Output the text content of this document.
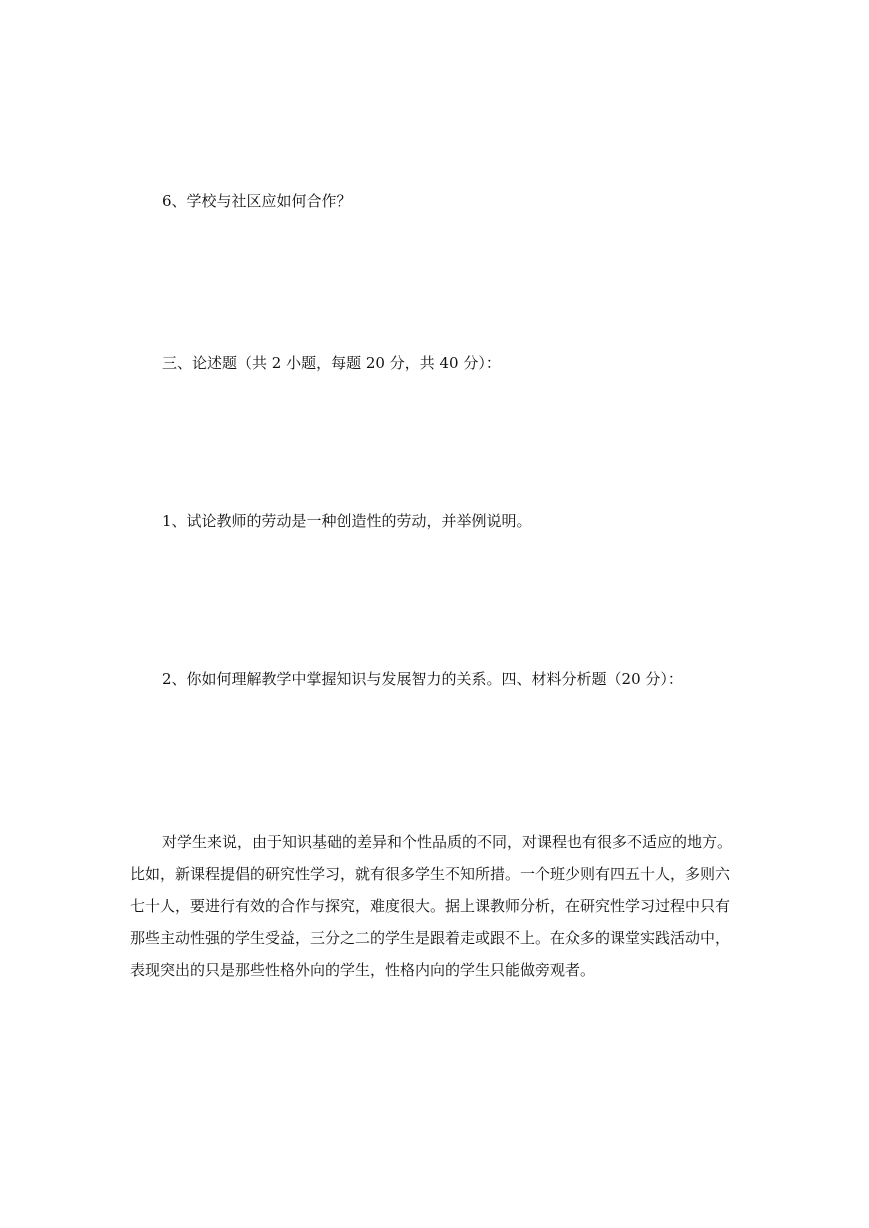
6、学校与社区应如何合作？
三、论述题（共 2 小题，每题 20 分，共 40 分）：
1、试论教师的劳动是一种创造性的劳动，并举例说明。
2、你如何理解教学中掌握知识与发展智力的关系。四、材料分析题（20 分）：
对学生来说，由于知识基础的差异和个性品质的不同，对课程也有很多不适应的地方。
比如，新课程提倡的研究性学习，就有很多学生不知所措。一个班少则有四五十人，多则六
七十人，要进行有效的合作与探究，难度很大。据上课教师分析，在研究性学习过程中只有
那些主动性强的学生受益，三分之二的学生是跟着走或跟不上。在众多的课堂实践活动中，
表现突出的只是那些性格外向的学生，性格内向的学生只能做旁观者。
